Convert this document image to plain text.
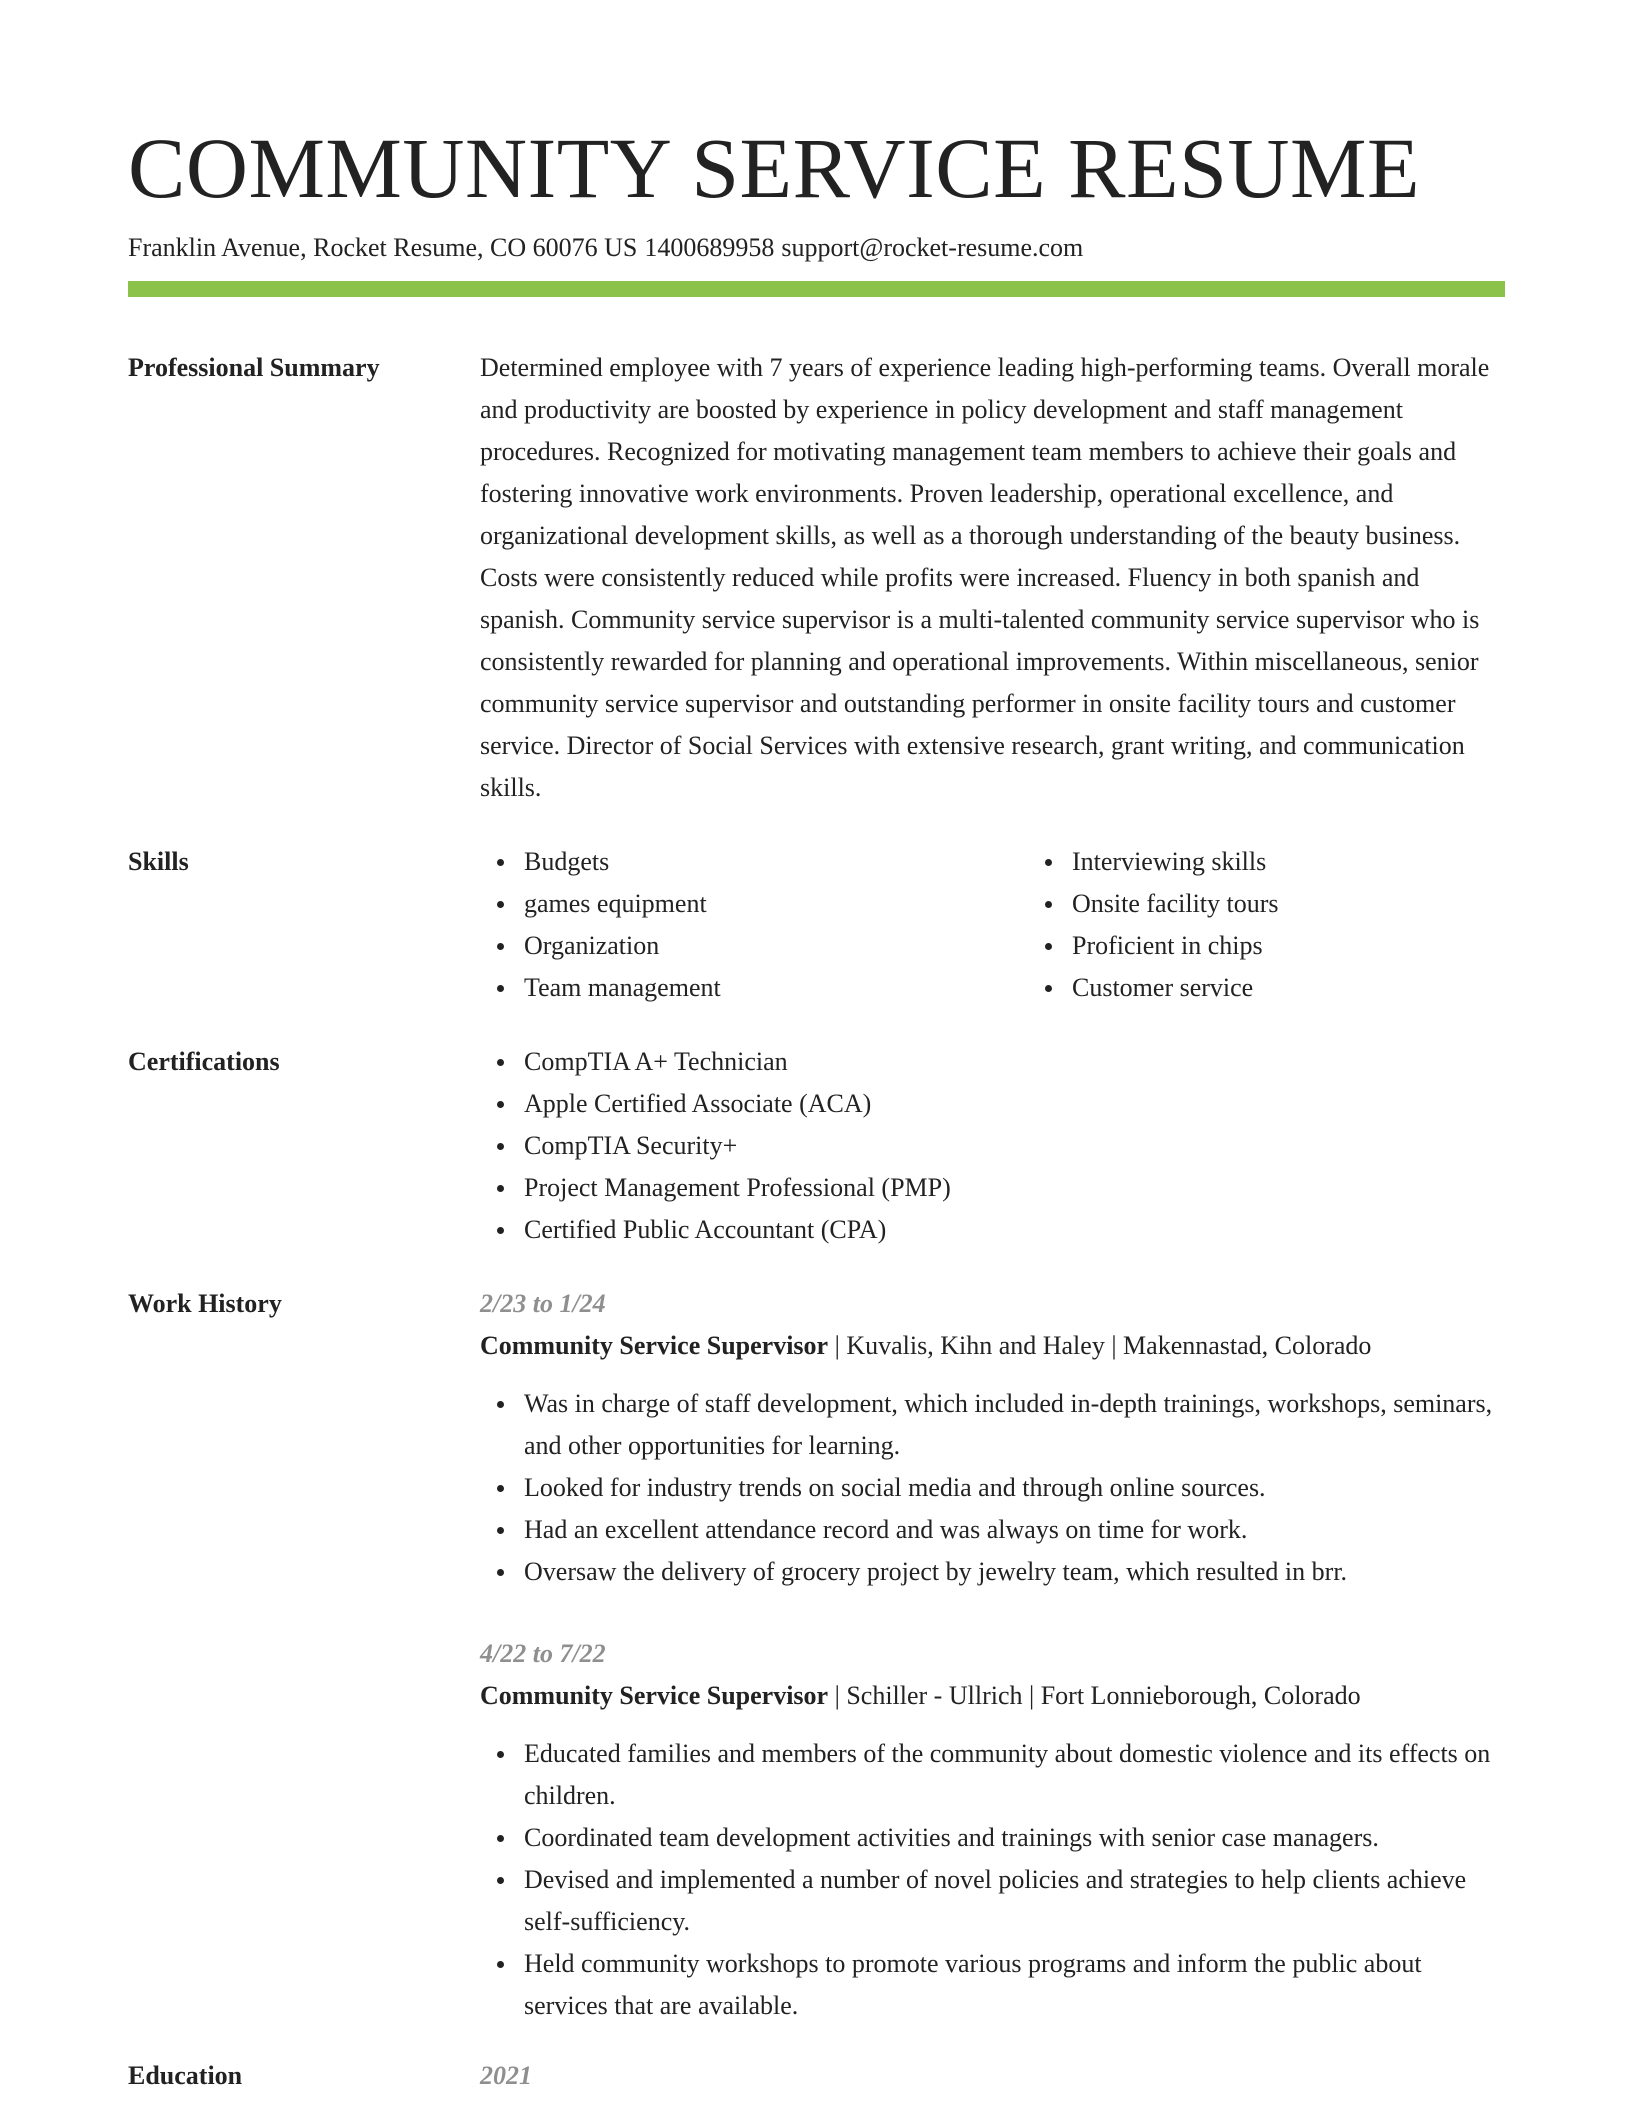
COMMUNITY SERVICE RESUME
Franklin Avenue, Rocket Resume, CO 60076 US 1400689958 support@rocket-resume.com
Professional Summary	Determined employee with 7 years of experience leading high-performing teams. Overall morale and productivity are boosted by experience in policy development and staff management procedures. Recognized for motivating management team members to achieve their goals and fostering innovative work environments. Proven leadership, operational excellence, and organizational development skills, as well as a thorough understanding of the beauty business. Costs were consistently reduced while profits were increased. Fluency in both spanish and spanish. Community service supervisor is a multi-talented community service supervisor who is consistently rewarded for planning and operational improvements. Within miscellaneous, senior community service supervisor and outstanding performer in onsite facility tours and customer service. Director of Social Services with extensive research, grant writing, and communication skills.
Skills	Budgets
games equipment
Organization
Team management
Interviewing skills
Onsite facility tours
Proficient in chips
Customer service
Certifications	CompTIA A+ Technician
Apple Certified Associate (ACA)
CompTIA Security+
Project Management Professional (PMP)
Certified Public Accountant (CPA)
Work History	2/23 to 1/24
Community Service Supervisor | Kuvalis, Kihn and Haley | Makennastad, Colorado
Was in charge of staff development, which included in-depth trainings, workshops, seminars, and other opportunities for learning.
Looked for industry trends on social media and through online sources.
Had an excellent attendance record and was always on time for work.
Oversaw the delivery of grocery project by jewelry team, which resulted in brr.
4/22 to 7/22
Community Service Supervisor | Schiller - Ullrich | Fort Lonnieborough, Colorado
Educated families and members of the community about domestic violence and its effects on children.
Coordinated team development activities and trainings with senior case managers.
Devised and implemented a number of novel policies and strategies to help clients achieve self-sufficiency.
Held community workshops to promote various programs and inform the public about services that are available.
Education	2021
